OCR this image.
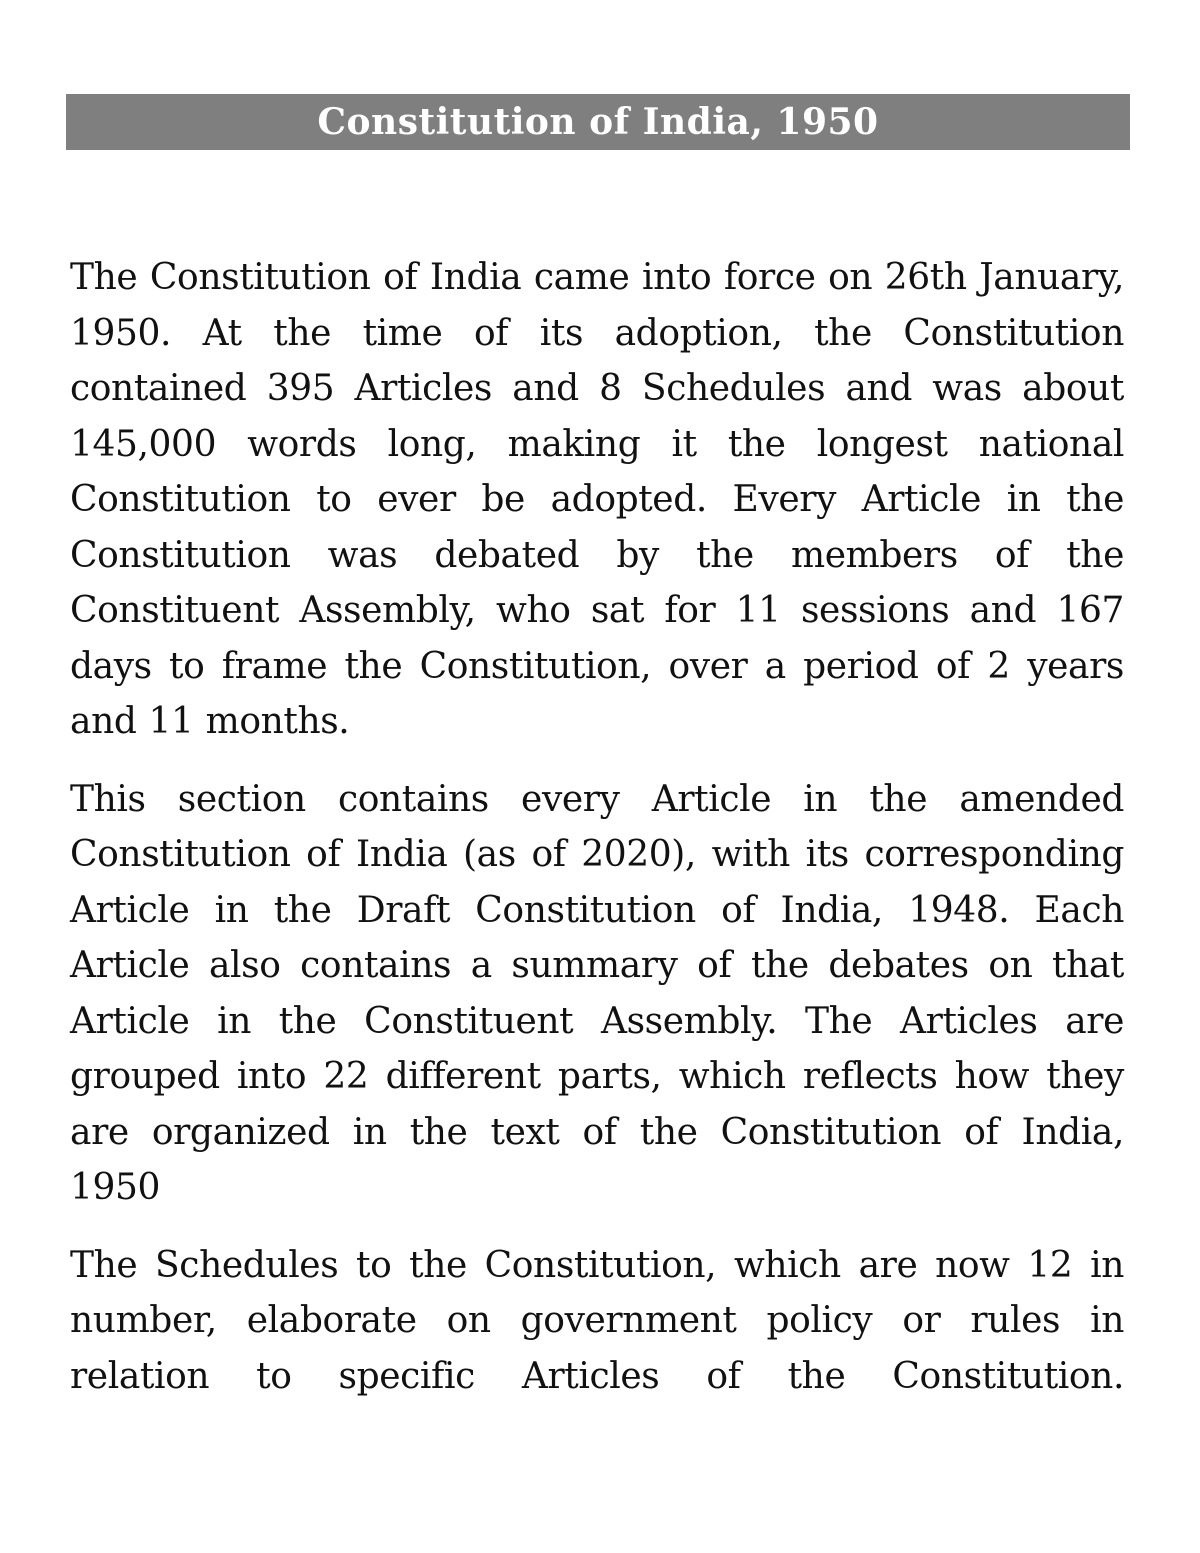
Constitution of India, 1950

The Constitution of India came into force on 26th January, 1950. At the time of its adoption, the Constitution contained 395 Articles and 8 Schedules and was about 145,000 words long, making it the longest national Constitution to ever be adopted. Every Article in the Constitution was debated by the members of the Constituent Assembly, who sat for 11 sessions and 167 days to frame the Constitution, over a period of 2 years and 11 months.

This section contains every Article in the amended Constitution of India (as of 2020), with its corresponding Article in the Draft Constitution of India, 1948. Each Article also contains a summary of the debates on that Article in the Constituent Assembly. The Articles are grouped into 22 different parts, which reflects how they are organized in the text of the Constitution of India, 1950

The Schedules to the Constitution, which are now 12 in number, elaborate on government policy or rules in relation to specific Articles of the Constitution.
